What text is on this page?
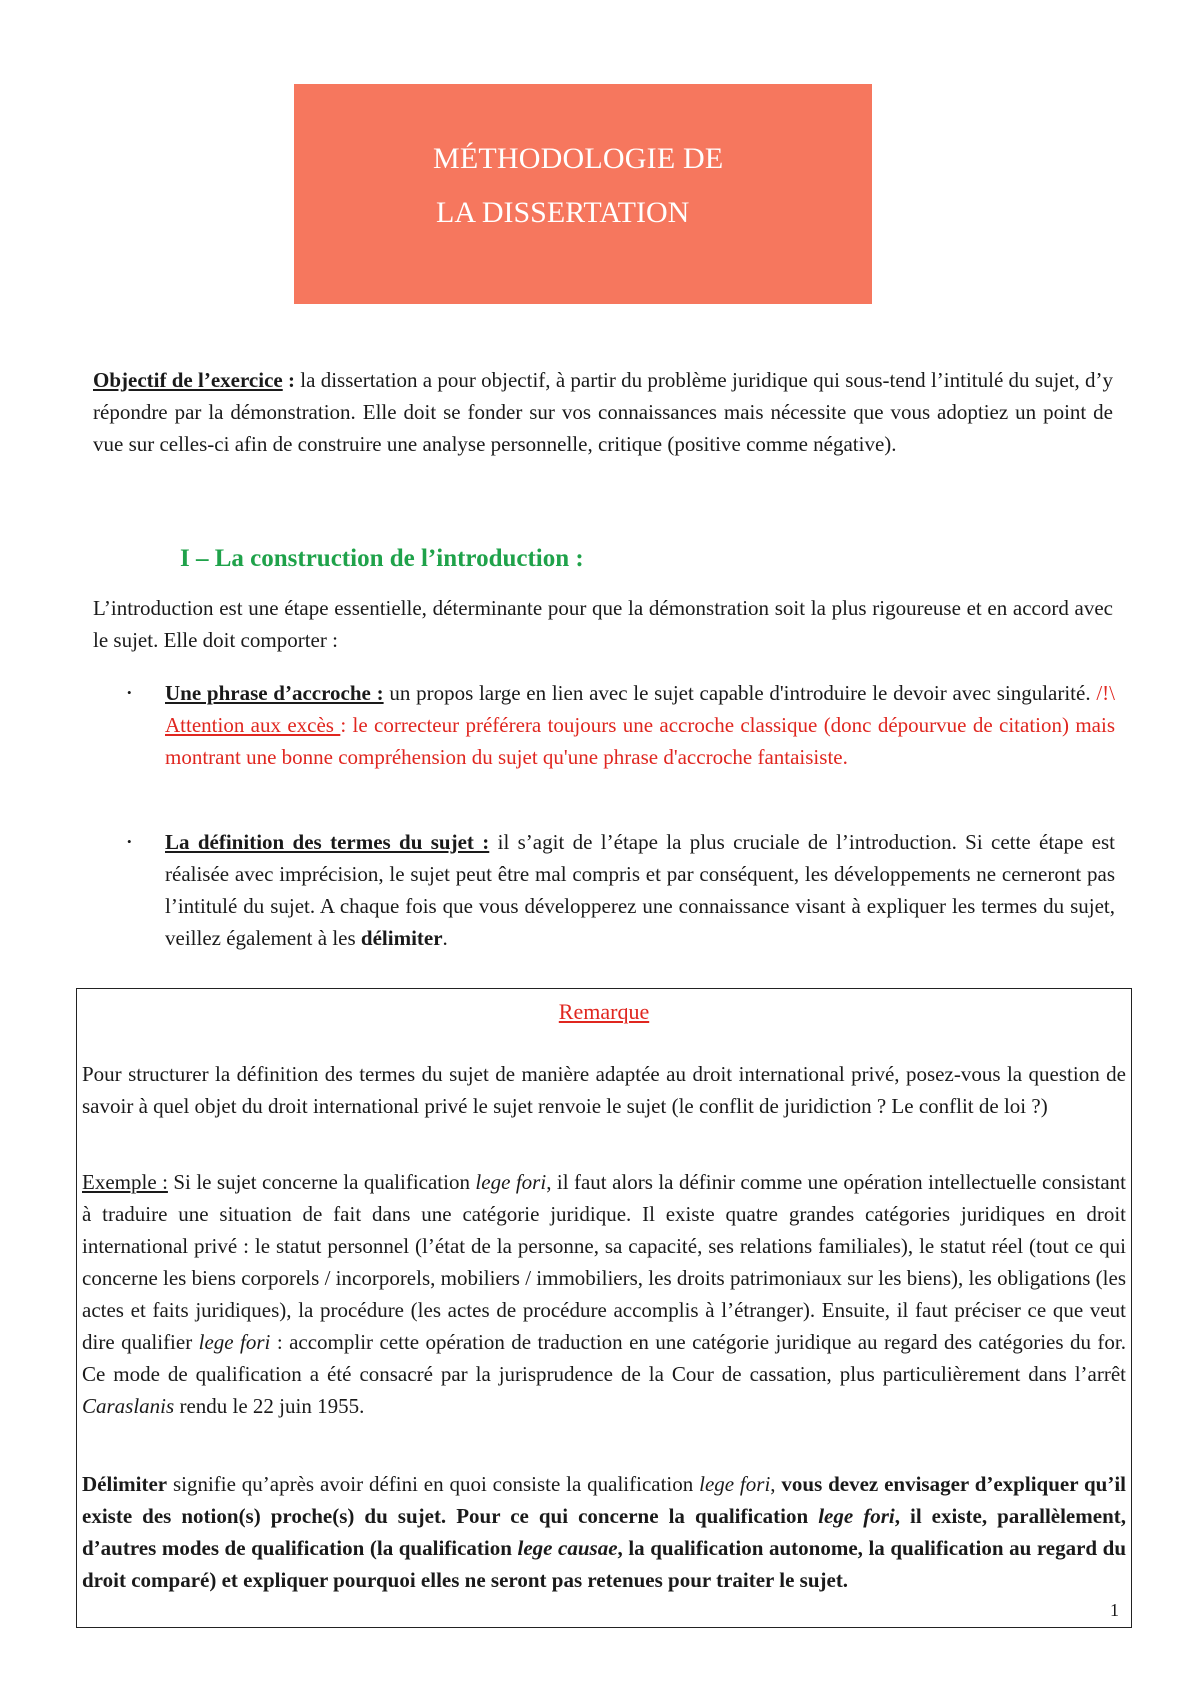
MÉTHODOLOGIE DE
LA DISSERTATION
Objectif de l’exercice : la dissertation a pour objectif, à partir du problème juridique qui sous-tend l’intitulé du sujet, d’y répondre par la démonstration. Elle doit se fonder sur vos connaissances mais nécessite que vous adoptiez un point de vue sur celles-ci afin de construire une analyse personnelle, critique (positive comme négative).
I – La construction de l’introduction :
L’introduction est une étape essentielle, déterminante pour que la démonstration soit la plus rigoureuse et en accord avec le sujet. Elle doit comporter :
• Une phrase d’accroche : un propos large en lien avec le sujet capable d'introduire le devoir avec singularité. /!\ Attention aux excès : le correcteur préférera toujours une accroche classique (donc dépourvue de citation) mais montrant une bonne compréhension du sujet qu'une phrase d'accroche fantaisiste.
• La définition des termes du sujet : il s’agit de l’étape la plus cruciale de l’introduction. Si cette étape est réalisée avec imprécision, le sujet peut être mal compris et par conséquent, les développements ne cerneront pas l’intitulé du sujet. A chaque fois que vous développerez une connaissance visant à expliquer les termes du sujet, veillez également à les délimiter.
Remarque
Pour structurer la définition des termes du sujet de manière adaptée au droit international privé, posez-vous la question de savoir à quel objet du droit international privé le sujet renvoie le sujet (le conflit de juridiction ? Le conflit de loi ?)
Exemple : Si le sujet concerne la qualification lege fori, il faut alors la définir comme une opération intellectuelle consistant à traduire une situation de fait dans une catégorie juridique. Il existe quatre grandes catégories juridiques en droit international privé : le statut personnel (l’état de la personne, sa capacité, ses relations familiales), le statut réel (tout ce qui concerne les biens corporels / incorporels, mobiliers / immobiliers, les droits patrimoniaux sur les biens), les obligations (les actes et faits juridiques), la procédure (les actes de procédure accomplis à l’étranger). Ensuite, il faut préciser ce que veut dire qualifier lege fori : accomplir cette opération de traduction en une catégorie juridique au regard des catégories du for. Ce mode de qualification a été consacré par la jurisprudence de la Cour de cassation, plus particulièrement dans l’arrêt Caraslanis rendu le 22 juin 1955.
Délimiter signifie qu’après avoir défini en quoi consiste la qualification lege fori, vous devez envisager d’expliquer qu’il existe des notion(s) proche(s) du sujet. Pour ce qui concerne la qualification lege fori, il existe, parallèlement, d’autres modes de qualification (la qualification lege causae, la qualification autonome, la qualification au regard du droit comparé) et expliquer pourquoi elles ne seront pas retenues pour traiter le sujet.
1
